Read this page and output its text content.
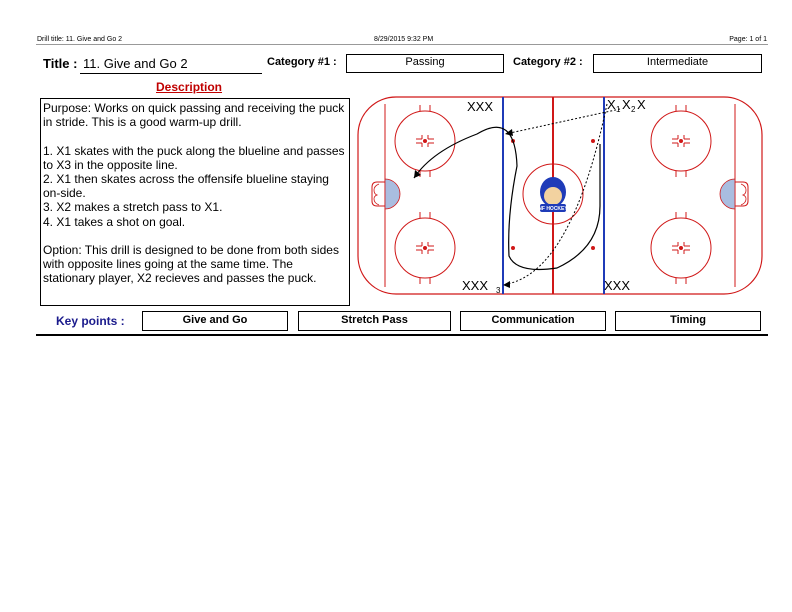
Drill title: 11. Give and Go 2	8/29/2015 9:32 PM	Page: 1 of 1
Title : 11. Give and Go 2	Category #1 :	Passing	Category #2 :	Intermediate
Description

Purpose: Works on quick passing and receiving the puck in stride. This is a good warm-up drill.

1. X1 skates with the puck along the blueline and passes to X3 in the opposite line.

2. X1 then skates across the offensife blueline staying on-side.

3. X2 makes a stretch pass to X1.

4. X1 takes a shot on goal.

Option: This drill is designed to be done from both sides with opposite lines going at the same time. The stationary player, X2 recieves and passes the puck.

NF HOCKEY
XXX	X 1 X 2 X
XXX 3	XXX
Key points :	Give and Go	Stretch Pass	Communication	Timing
